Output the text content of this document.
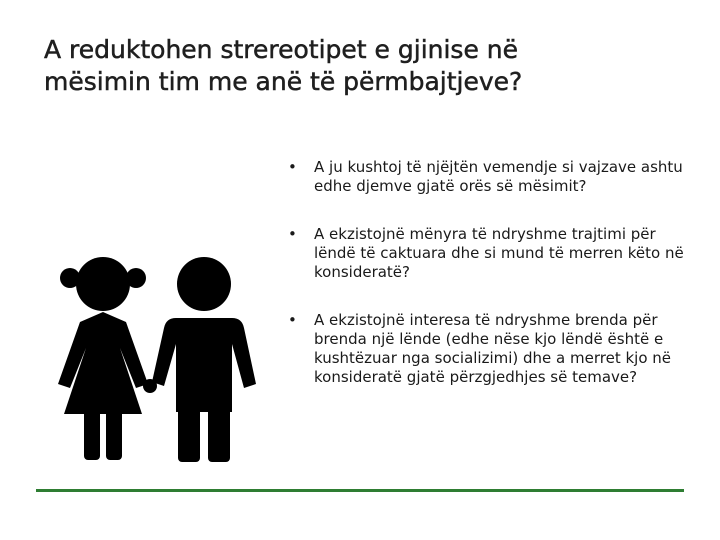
A reduktohen strereotipet e gjinise në
mësimin tim me anë të përmbajtjeve?
• A ju kushtoj të njëjtën vemendje si vajzave ashtu edhe djemve gjatë orës së mësimit?
• A ekzistojnë mënyra të ndryshme trajtimi për lëndë të caktuara dhe si mund të merren këto në konsideratë?
• A ekzistojnë interesa të ndryshme brenda për brenda një lënde (edhe nëse kjo lëndë është e kushtëzuar nga socializimi) dhe a merret kjo në konsideratë gjatë përzgjedhjes së temave?
